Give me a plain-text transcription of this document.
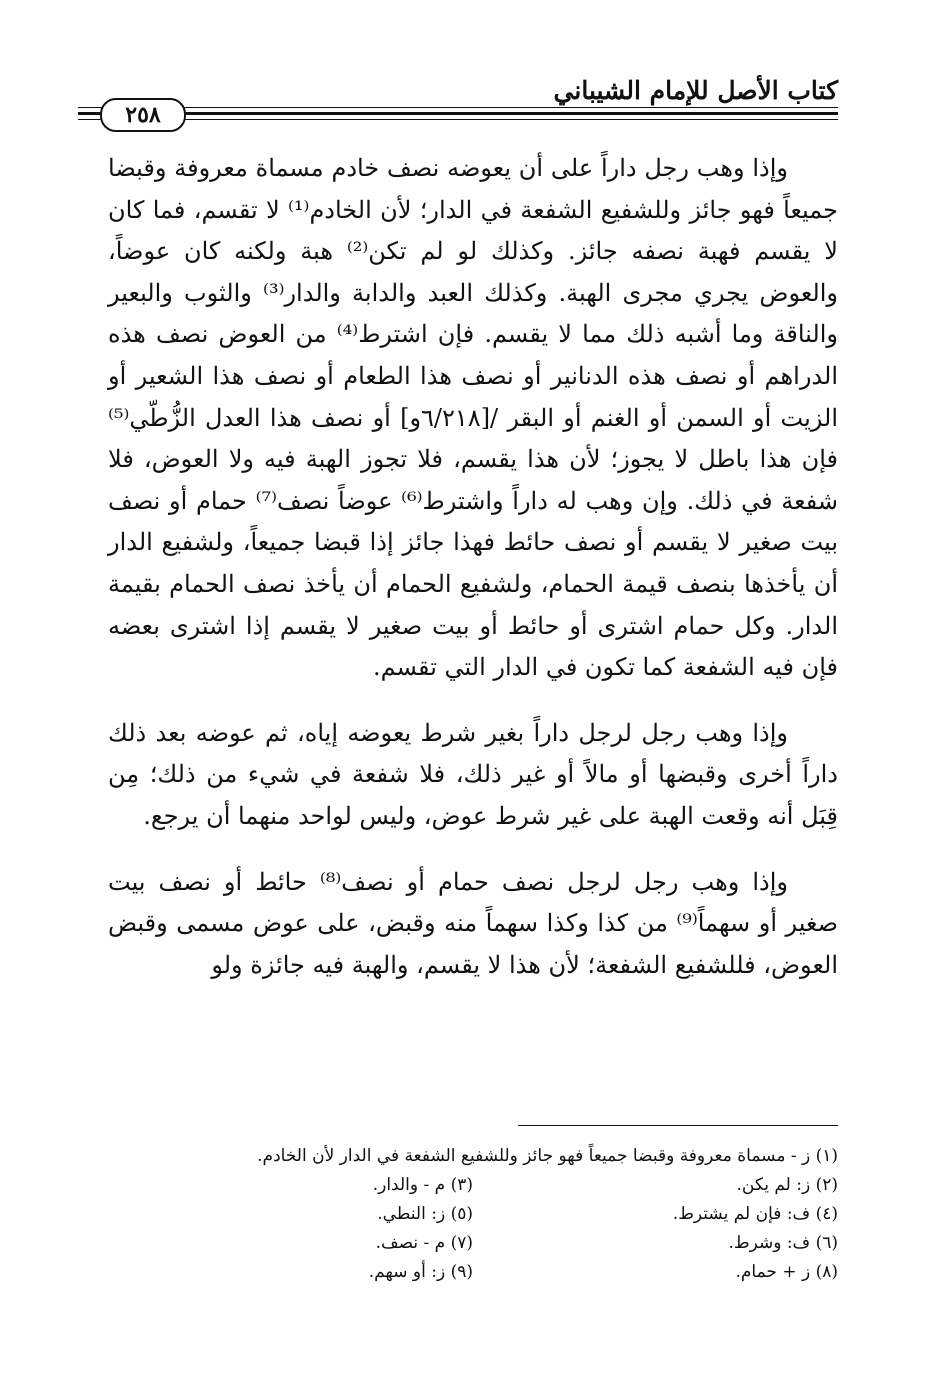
كتاب الأصل للإمام الشيباني
٢٥٨

وإذا وهب رجل داراً على أن يعوضه نصف خادم مسماة معروفة وقبضا جميعاً فهو جائز وللشفيع الشفعة في الدار؛ لأن الخادم⁽¹⁾ لا تقسم، فما كان لا يقسم فهبة نصفه جائز. وكذلك لو لم تكن⁽²⁾ هبة ولكنه كان عوضاً، والعوض يجري مجرى الهبة. وكذلك العبد والدابة والدار⁽³⁾ والثوب والبعير والناقة وما أشبه ذلك مما لا يقسم. فإن اشترط⁽⁴⁾ من العوض نصف هذه الدراهم أو نصف هذه الدنانير أو نصف هذا الطعام أو نصف هذا الشعير أو الزيت أو السمن أو الغنم أو البقر /[٦/٢١٨و] أو نصف هذا العدل الزُّطّي⁽⁵⁾ فإن هذا باطل لا يجوز؛ لأن هذا يقسم، فلا تجوز الهبة فيه ولا العوض، فلا شفعة في ذلك. وإن وهب له داراً واشترط⁽⁶⁾ عوضاً نصف⁽⁷⁾ حمام أو نصف بيت صغير لا يقسم أو نصف حائط فهذا جائز إذا قبضا جميعاً، ولشفيع الدار أن يأخذها بنصف قيمة الحمام، ولشفيع الحمام أن يأخذ نصف الحمام بقيمة الدار. وكل حمام اشترى أو حائط أو بيت صغير لا يقسم إذا اشترى بعضه فإن فيه الشفعة كما تكون في الدار التي تقسم.

وإذا وهب رجل لرجل داراً بغير شرط يعوضه إياه، ثم عوضه بعد ذلك داراً أخرى وقبضها أو مالاً أو غير ذلك، فلا شفعة في شيء من ذلك؛ مِن قِبَل أنه وقعت الهبة على غير شرط عوض، وليس لواحد منهما أن يرجع.

وإذا وهب رجل لرجل نصف حمام أو نصف⁽⁸⁾ حائط أو نصف بيت صغير أو سهماً⁽⁹⁾ من كذا وكذا سهماً منه وقبض، على عوض مسمى وقبض العوض، فللشفيع الشفعة؛ لأن هذا لا يقسم، والهبة فيه جائزة ولو

(١) ز - مسماة معروفة وقبضا جميعاً فهو جائز وللشفيع الشفعة في الدار لأن الخادم.
(٢) ز: لم يكن.
(٣) م - والدار.
(٤) ف: فإن لم يشترط.
(٥) ز: النطي.
(٦) ف: وشرط.
(٧) م - نصف.
(٨) ز + حمام.
(٩) ز: أو سهم.
